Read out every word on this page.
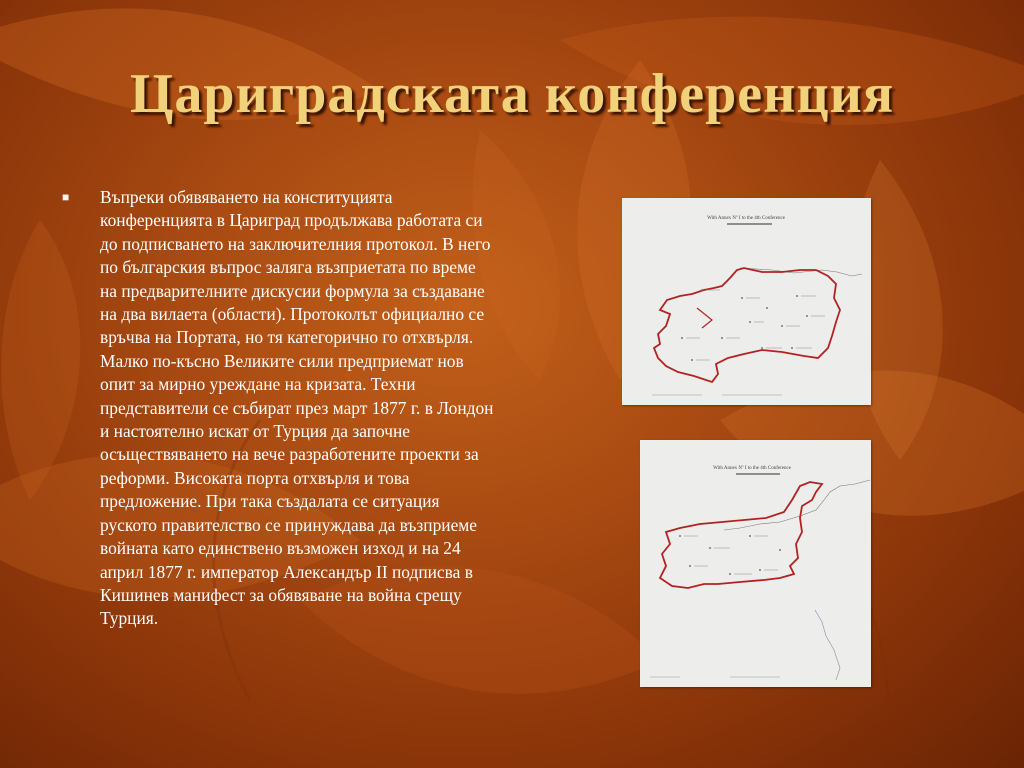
Цариградската конференция
■ Въпреки обявяването на конституцията конференцията в Цариград продължава работата си до подписването на заключителния протокол. В него по българския въпрос заляга възприетата по време на предварителните дискусии формула за създаване на два вилаета (области). Протоколът официално се връчва на Портата, но тя категорично го отхвърля. Малко по-късно Великите сили предприемат нов опит за мирно уреждане на кризата. Техни представители се събират през март 1877 г. в Лондон и настоятелно искат от Турция да започне осъществяването на вече разработените проекти за реформи. Високата порта отхвърля и това предложение. При така създалата се ситуация руското правителство се принуждава да възприеме войната като единствено възможен изход и на 24 април 1877 г. император Александър II подписва в Кишинев манифест за обявяване на война срещу Турция.
With Annex Nº I to the 4th Conference
With Annex Nº I to the 4th Conference
